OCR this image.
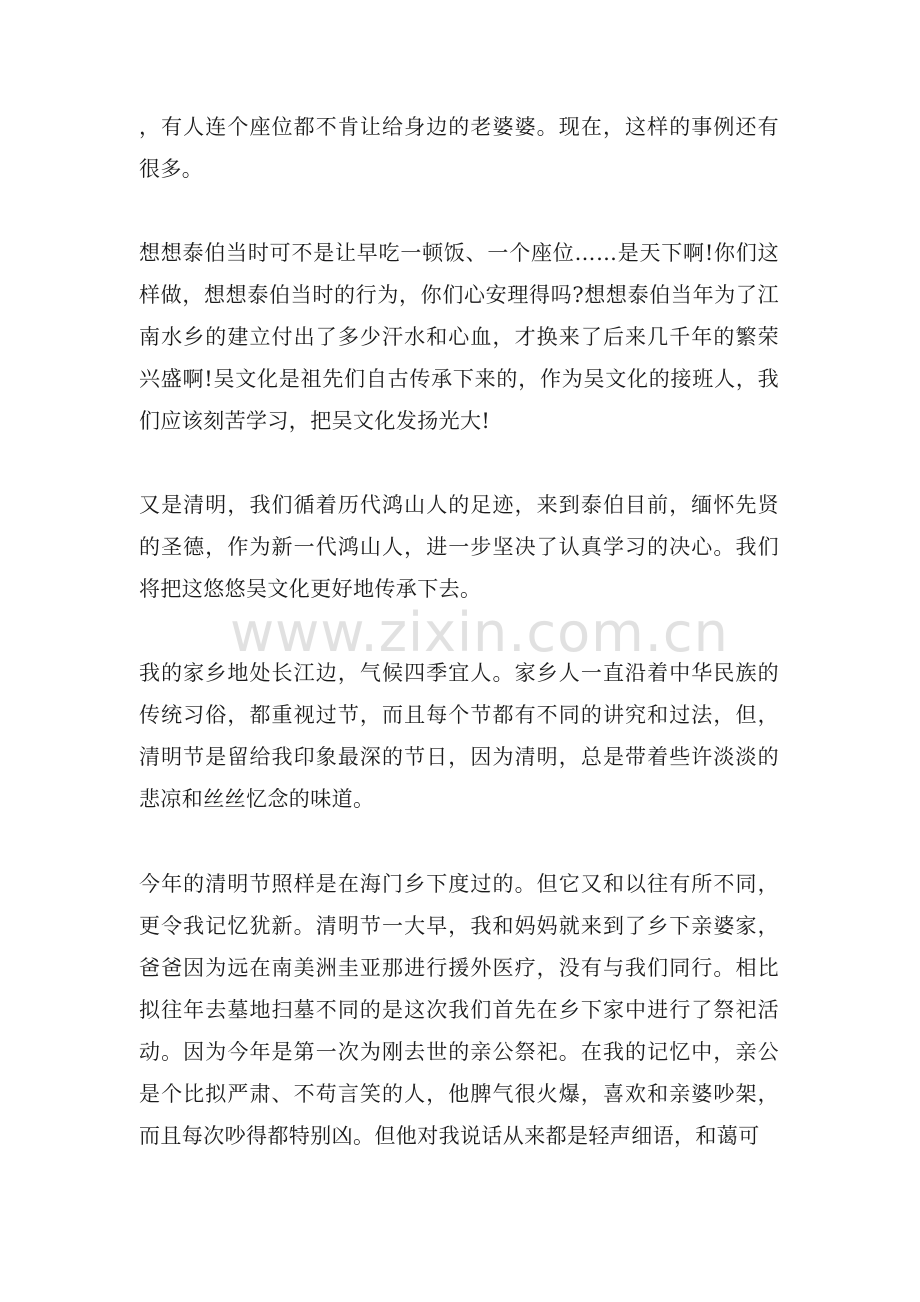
，有人连个座位都不肯让给身边的老婆婆。现在，这样的事例还有很多。

想想泰伯当时可不是让早吃一顿饭、一个座位……是天下啊!你们这样做，想想泰伯当时的行为，你们心安理得吗?想想泰伯当年为了江南水乡的建立付出了多少汗水和心血，才换来了后来几千年的繁荣兴盛啊!吴文化是祖先们自古传承下来的，作为吴文化的接班人，我们应该刻苦学习，把吴文化发扬光大!

又是清明，我们循着历代鸿山人的足迹，来到泰伯目前，缅怀先贤的圣德，作为新一代鸿山人，进一步坚决了认真学习的决心。我们将把这悠悠吴文化更好地传承下去。

www.zixin.com.cn

我的家乡地处长江边，气候四季宜人。家乡人一直沿着中华民族的传统习俗，都重视过节，而且每个节都有不同的讲究和过法，但，清明节是留给我印象最深的节日，因为清明，总是带着些许淡淡的悲凉和丝丝忆念的味道。

今年的清明节照样是在海门乡下度过的。但它又和以往有所不同，更令我记忆犹新。清明节一大早，我和妈妈就来到了乡下亲婆家，爸爸因为远在南美洲圭亚那进行援外医疗，没有与我们同行。相比拟往年去墓地扫墓不同的是这次我们首先在乡下家中进行了祭祀活动。因为今年是第一次为刚去世的亲公祭祀。在我的记忆中，亲公是个比拟严肃、不苟言笑的人，他脾气很火爆，喜欢和亲婆吵架，而且每次吵得都特别凶。但他对我说话从来都是轻声细语，和蔼可
